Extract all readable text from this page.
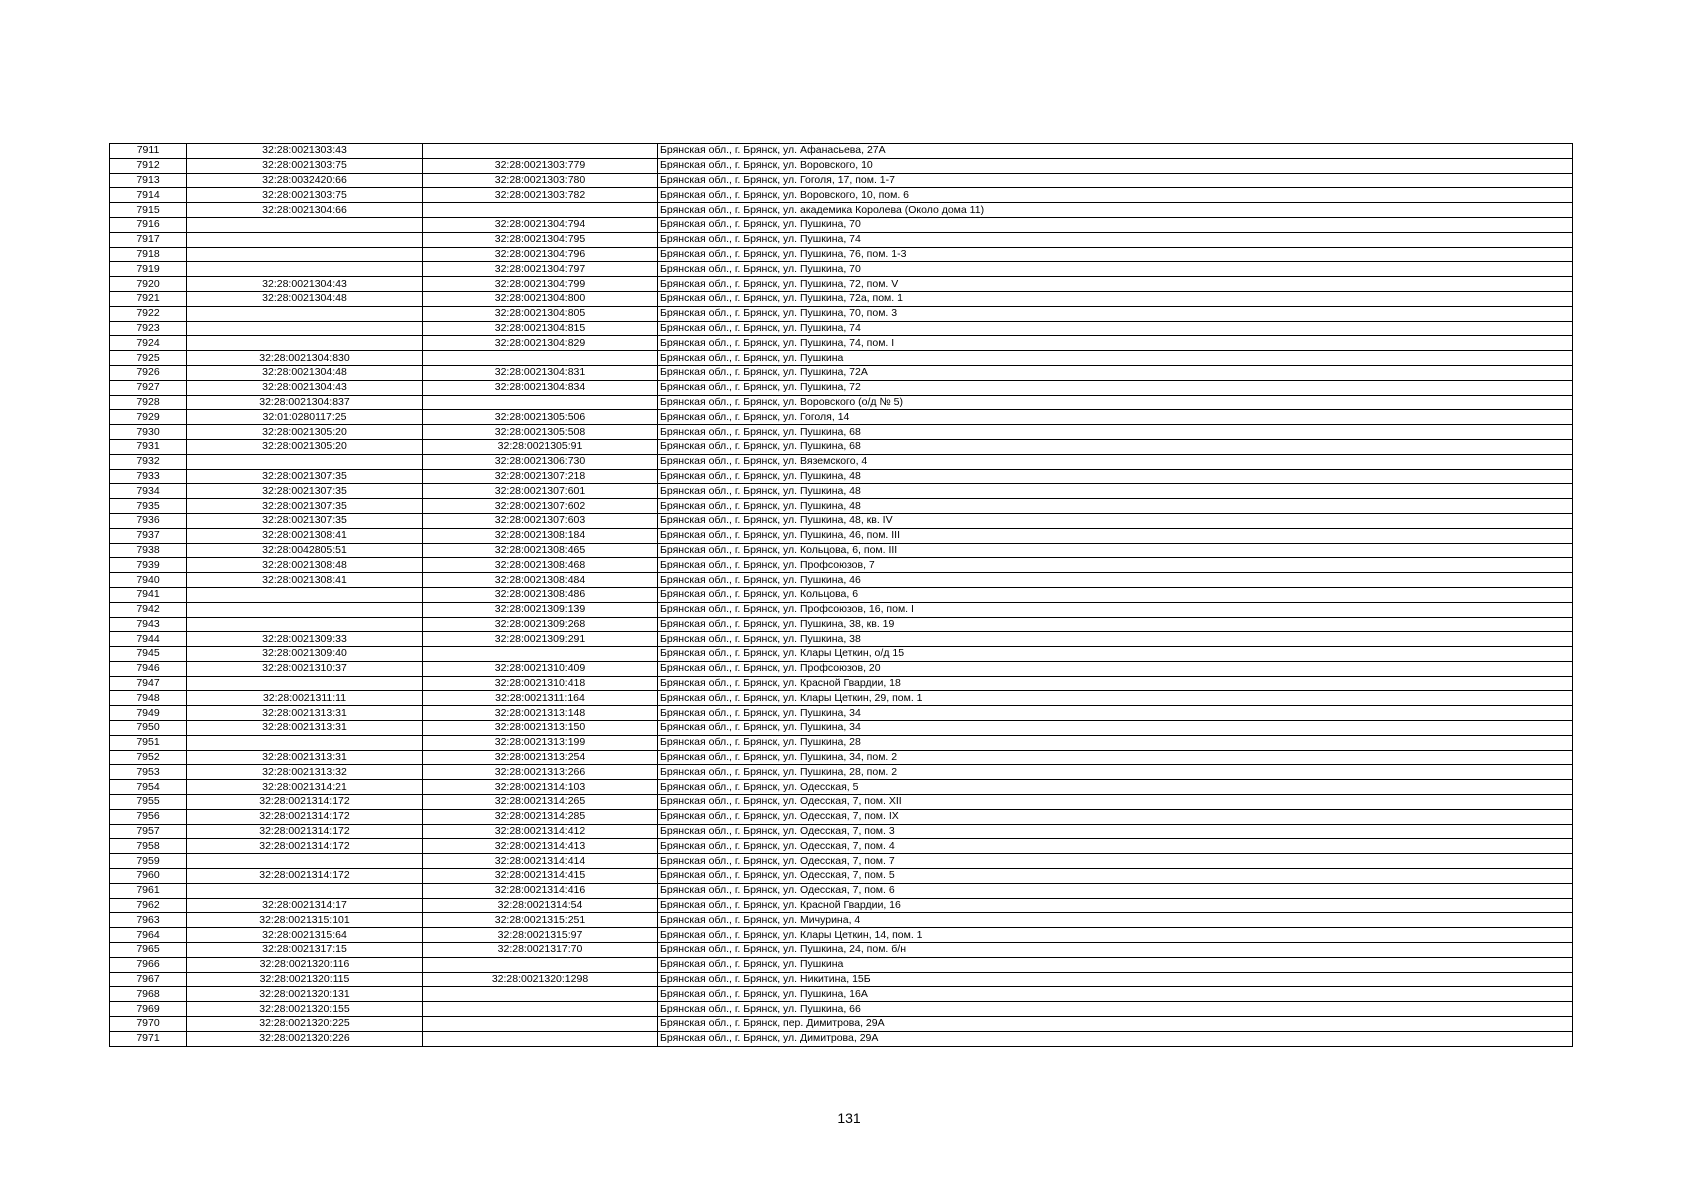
7911	32:28:0021303:43		Брянская обл., г. Брянск, ул. Афанасьева, 27А
7912	32:28:0021303:75	32:28:0021303:779	Брянская обл., г. Брянск, ул. Воровского, 10
7913	32:28:0032420:66	32:28:0021303:780	Брянская обл., г. Брянск, ул. Гоголя, 17, пом. 1-7
7914	32:28:0021303:75	32:28:0021303:782	Брянская обл., г. Брянск, ул. Воровского, 10, пом. 6
7915	32:28:0021304:66		Брянская обл., г. Брянск, ул. академика Королева (Около дома 11)
7916		32:28:0021304:794	Брянская обл., г. Брянск, ул. Пушкина, 70
7917		32:28:0021304:795	Брянская обл., г. Брянск, ул. Пушкина, 74
7918		32:28:0021304:796	Брянская обл., г. Брянск, ул. Пушкина, 76, пом. 1-3
7919		32:28:0021304:797	Брянская обл., г. Брянск, ул. Пушкина, 70
7920	32:28:0021304:43	32:28:0021304:799	Брянская обл., г. Брянск, ул. Пушкина, 72, пом. V
7921	32:28:0021304:48	32:28:0021304:800	Брянская обл., г. Брянск, ул. Пушкина, 72а, пом. 1
7922		32:28:0021304:805	Брянская обл., г. Брянск, ул. Пушкина, 70, пом. 3
7923		32:28:0021304:815	Брянская обл., г. Брянск, ул. Пушкина, 74
7924		32:28:0021304:829	Брянская обл., г. Брянск, ул. Пушкина, 74, пом. I
7925	32:28:0021304:830		Брянская обл., г. Брянск, ул. Пушкина
7926	32:28:0021304:48	32:28:0021304:831	Брянская обл., г. Брянск, ул. Пушкина, 72А
7927	32:28:0021304:43	32:28:0021304:834	Брянская обл., г. Брянск, ул. Пушкина, 72
7928	32:28:0021304:837		Брянская обл., г. Брянск, ул. Воровского (о/д № 5)
7929	32:01:0280117:25	32:28:0021305:506	Брянская обл., г. Брянск, ул. Гоголя, 14
7930	32:28:0021305:20	32:28:0021305:508	Брянская обл., г. Брянск, ул. Пушкина, 68
7931	32:28:0021305:20	32:28:0021305:91	Брянская обл., г. Брянск, ул. Пушкина, 68
7932		32:28:0021306:730	Брянская обл., г. Брянск, ул. Вяземского, 4
7933	32:28:0021307:35	32:28:0021307:218	Брянская обл., г. Брянск, ул. Пушкина, 48
7934	32:28:0021307:35	32:28:0021307:601	Брянская обл., г. Брянск, ул. Пушкина, 48
7935	32:28:0021307:35	32:28:0021307:602	Брянская обл., г. Брянск, ул. Пушкина, 48
7936	32:28:0021307:35	32:28:0021307:603	Брянская обл., г. Брянск, ул. Пушкина, 48, кв. IV
7937	32:28:0021308:41	32:28:0021308:184	Брянская обл., г. Брянск, ул. Пушкина, 46, пом. III
7938	32:28:0042805:51	32:28:0021308:465	Брянская обл., г. Брянск, ул. Кольцова, 6, пом. III
7939	32:28:0021308:48	32:28:0021308:468	Брянская обл., г. Брянск, ул. Профсоюзов, 7
7940	32:28:0021308:41	32:28:0021308:484	Брянская обл., г. Брянск, ул. Пушкина, 46
7941		32:28:0021308:486	Брянская обл., г. Брянск, ул. Кольцова, 6
7942		32:28:0021309:139	Брянская обл., г. Брянск, ул. Профсоюзов, 16, пом. I
7943		32:28:0021309:268	Брянская обл., г. Брянск, ул. Пушкина, 38, кв. 19
7944	32:28:0021309:33	32:28:0021309:291	Брянская обл., г. Брянск, ул. Пушкина, 38
7945	32:28:0021309:40		Брянская обл., г. Брянск, ул. Клары Цеткин, о/д 15
7946	32:28:0021310:37	32:28:0021310:409	Брянская обл., г. Брянск, ул. Профсоюзов, 20
7947		32:28:0021310:418	Брянская обл., г. Брянск, ул. Красной Гвардии, 18
7948	32:28:0021311:11	32:28:0021311:164	Брянская обл., г. Брянск, ул. Клары Цеткин, 29, пом. 1
7949	32:28:0021313:31	32:28:0021313:148	Брянская обл., г. Брянск, ул. Пушкина, 34
7950	32:28:0021313:31	32:28:0021313:150	Брянская обл., г. Брянск, ул. Пушкина, 34
7951		32:28:0021313:199	Брянская обл., г. Брянск, ул. Пушкина, 28
7952	32:28:0021313:31	32:28:0021313:254	Брянская обл., г. Брянск, ул. Пушкина, 34, пом. 2
7953	32:28:0021313:32	32:28:0021313:266	Брянская обл., г. Брянск, ул. Пушкина, 28, пом. 2
7954	32:28:0021314:21	32:28:0021314:103	Брянская обл., г. Брянск, ул. Одесская, 5
7955	32:28:0021314:172	32:28:0021314:265	Брянская обл., г. Брянск, ул. Одесская, 7, пом. XII
7956	32:28:0021314:172	32:28:0021314:285	Брянская обл., г. Брянск, ул. Одесская, 7, пом. IX
7957	32:28:0021314:172	32:28:0021314:412	Брянская обл., г. Брянск, ул. Одесская, 7, пом. 3
7958	32:28:0021314:172	32:28:0021314:413	Брянская обл., г. Брянск, ул. Одесская, 7, пом. 4
7959		32:28:0021314:414	Брянская обл., г. Брянск, ул. Одесская, 7, пом. 7
7960	32:28:0021314:172	32:28:0021314:415	Брянская обл., г. Брянск, ул. Одесская, 7, пом. 5
7961		32:28:0021314:416	Брянская обл., г. Брянск, ул. Одесская, 7, пом. 6
7962	32:28:0021314:17	32:28:0021314:54	Брянская обл., г. Брянск, ул. Красной Гвардии, 16
7963	32:28:0021315:101	32:28:0021315:251	Брянская обл., г. Брянск, ул. Мичурина, 4
7964	32:28:0021315:64	32:28:0021315:97	Брянская обл., г. Брянск, ул. Клары Цеткин, 14, пом. 1
7965	32:28:0021317:15	32:28:0021317:70	Брянская обл., г. Брянск, ул. Пушкина, 24, пом. б/н
7966	32:28:0021320:116		Брянская обл., г. Брянск, ул. Пушкина
7967	32:28:0021320:115	32:28:0021320:1298	Брянская обл., г. Брянск, ул. Никитина, 15Б
7968	32:28:0021320:131		Брянская обл., г. Брянск, ул. Пушкина, 16А
7969	32:28:0021320:155		Брянская обл., г. Брянск, ул. Пушкина, 66
7970	32:28:0021320:225		Брянская обл., г. Брянск, пер. Димитрова, 29А
7971	32:28:0021320:226		Брянская обл., г. Брянск, ул. Димитрова, 29А
131
